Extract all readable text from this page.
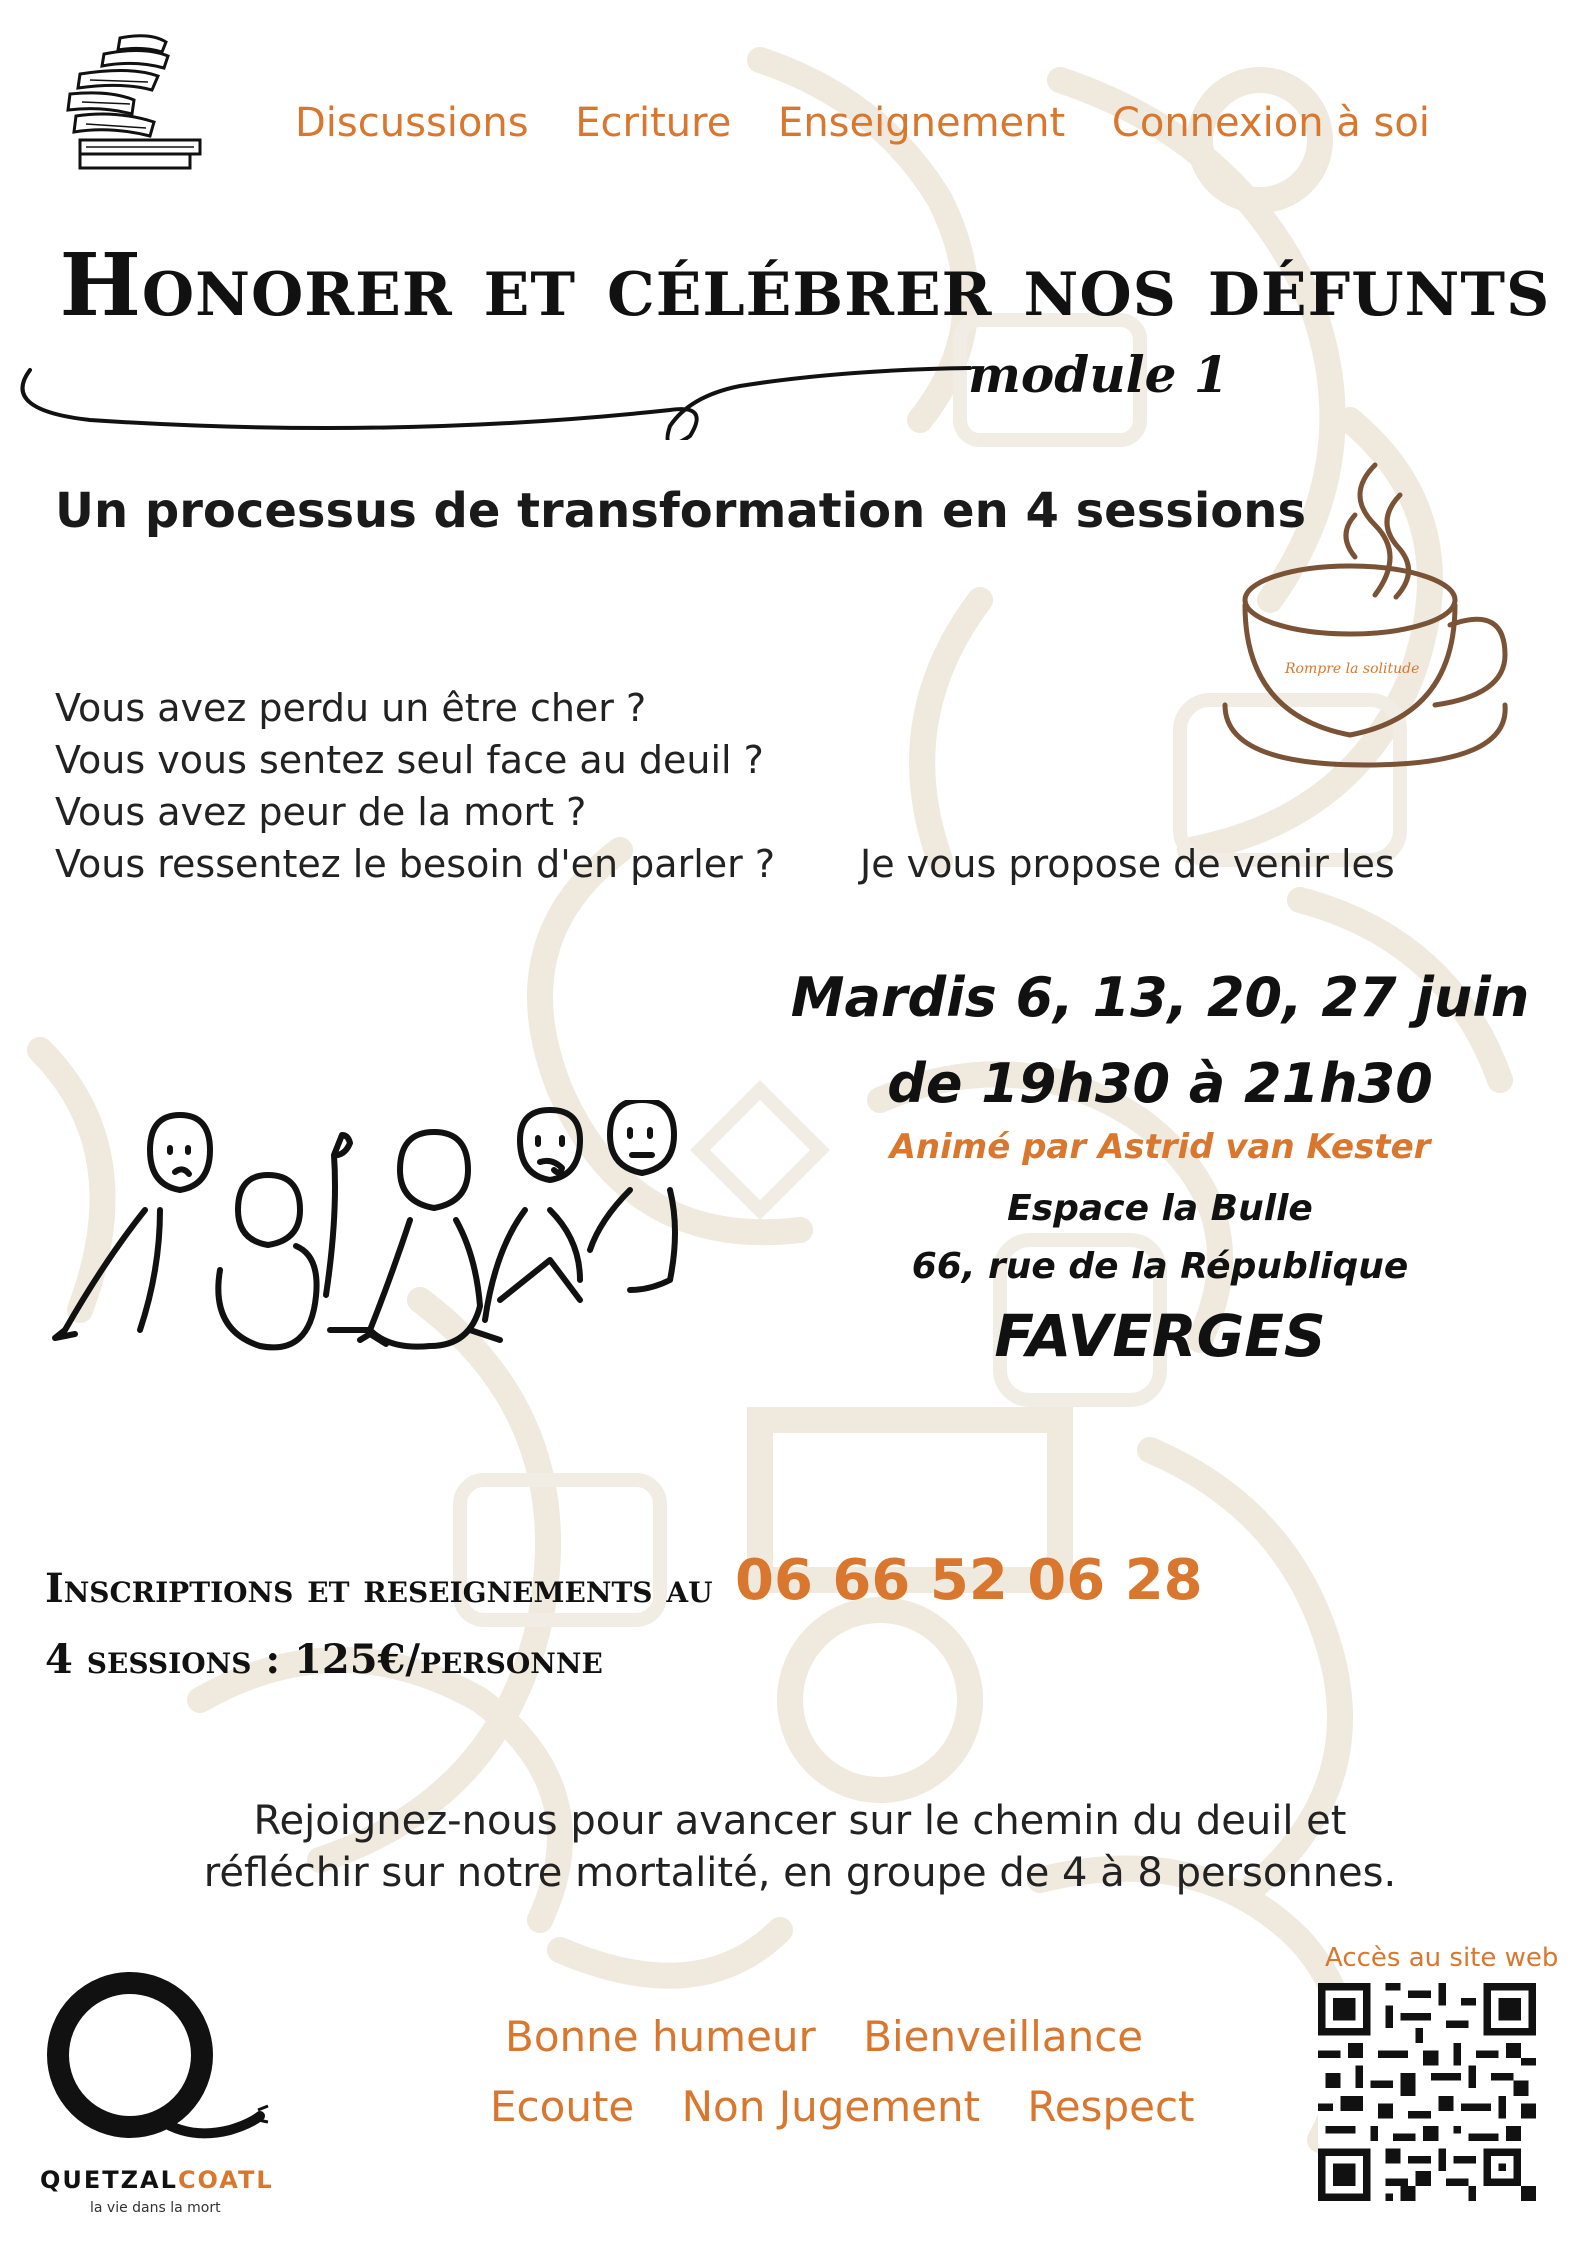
Discussions Ecriture Enseignement Connexion à soi
Honorer et célébrer nos défunts
module 1
Un processus de transformation en 4 sessions
Rompre la solitude
Vous avez perdu un être cher ?
Vous vous sentez seul face au deuil ?
Vous avez peur de la mort ?
Vous ressentez le besoin d'en parler ? Je vous propose de venir les
Mardis 6, 13, 20, 27 juin
de 19h30 à 21h30
Animé par Astrid van Kester
Espace la Bulle
66, rue de la République
FAVERGES
Inscriptions et reseignements au 06 66 52 06 28
4 sessions : 125€/personne
Rejoignez-nous pour avancer sur le chemin du deuil et
réfléchir sur notre mortalité, en groupe de 4 à 8 personnes.
Bonne humeur Bienveillance
Ecoute Non Jugement Respect
QUETZALCOATL
la vie dans la mort
Accès au site web
